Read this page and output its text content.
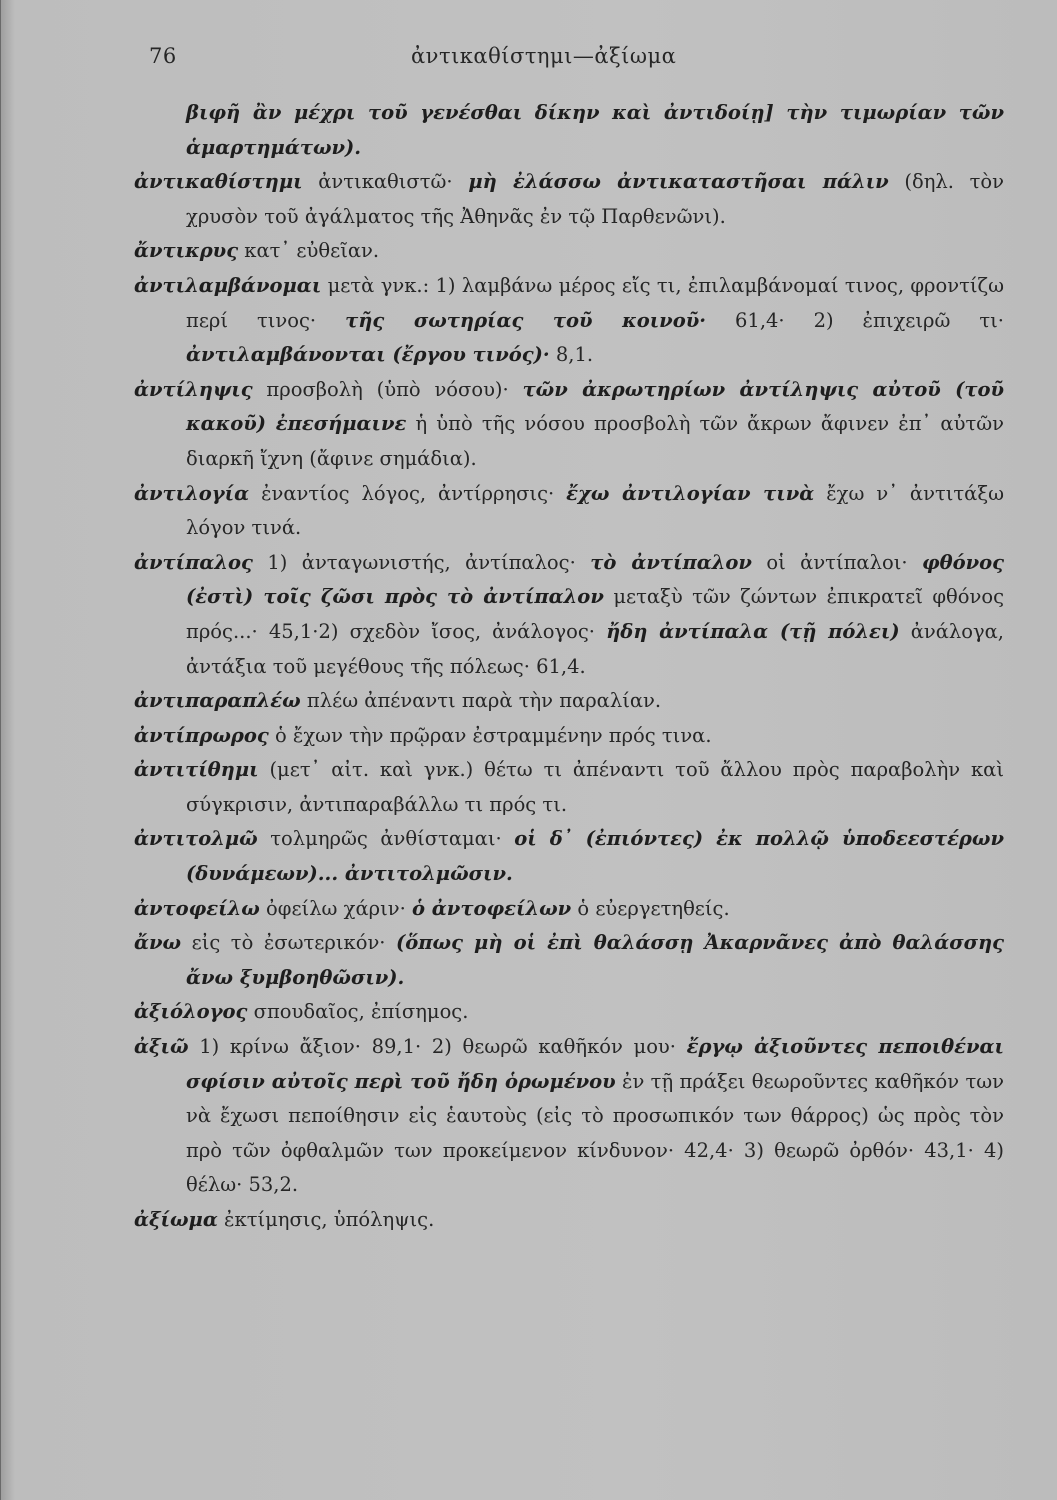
76	ἀντικαθίστημι—ἀξίωμα

βιφῆ ἂν μέχρι τοῦ γενέσθαι δίκην καὶ ἀντιδοίῃ] τὴν τιμωρίαν τῶν ἁμαρτημάτων).

ἀντικαθίστημι ἀντικαθιστῶ· μὴ ἐλάσσω ἀντικαταστῆσαι πάλιν (δηλ. τὸν χρυσὸν τοῦ ἀγάλματος τῆς Ἀθηνᾶς ἐν τῷ Παρθενῶνι).

ἄντικρυς κατ᾿ εὐθεῖαν.

ἀντιλαμβάνομαι μετὰ γνκ.: 1) λαμβάνω μέρος εἴς τι, ἐπιλαμβάνομαί τινος, φροντίζω περί τινος· τῆς σωτηρίας τοῦ κοινοῦ· 61,4· 2) ἐπιχειρῶ τι· ἀντιλαμβάνονται (ἔργου τινός)· 8,1.

ἀντίληψις προσβολὴ (ὑπὸ νόσου)· τῶν ἀκρωτηρίων ἀντίληψις αὐτοῦ (τοῦ κακοῦ) ἐπεσήμαινε ἡ ὑπὸ τῆς νόσου προσβολὴ τῶν ἄκρων ἄφινεν ἐπ᾿ αὐτῶν διαρκῆ ἴχνη (ἄφινε σημάδια).

ἀντιλογία ἐναντίος λόγος, ἀντίρρησις· ἔχω ἀντιλογίαν τινὰ ἔχω ν᾿ ἀντιτάξω λόγον τινά.

ἀντίπαλος 1) ἀνταγωνιστής, ἀντίπαλος· τὸ ἀντίπαλον οἱ ἀντίπαλοι· φθόνος (ἐστὶ) τοῖς ζῶσι πρὸς τὸ ἀντίπαλον μεταξὺ τῶν ζώντων ἐπικρατεῖ φθόνος πρός...· 45,1·2) σχεδὸν ἴσος, ἀνάλογος· ἤδη ἀντίπαλα (τῇ πόλει) ἀνάλογα, ἀντάξια τοῦ μεγέθους τῆς πόλεως· 61,4.

ἀντιπαραπλέω πλέω ἀπέναντι παρὰ τὴν παραλίαν.

ἀντίπρωρος ὁ ἔχων τὴν πρῷραν ἐστραμμένην πρός τινα.

ἀντιτίθημι (μετ᾿ αἰτ. καὶ γνκ.) θέτω τι ἀπέναντι τοῦ ἄλλου πρὸς παραβολὴν καὶ σύγκρισιν, ἀντιπαραβάλλω τι πρός τι.

ἀντιτολμῶ τολμηρῶς ἀνθίσταμαι· οἱ δ᾿ (ἐπιόντες) ἐκ πολλῷ ὑποδεεστέρων (δυνάμεων)... ἀντιτολμῶσιν.

ἀντοφείλω ὀφείλω χάριν· ὁ ἀντοφείλων ὁ εὐεργετηθείς.

ἄνω εἰς τὸ ἐσωτερικόν· (ὅπως μὴ οἱ ἐπὶ θαλάσσῃ Ἀκαρνᾶνες ἀπὸ θαλάσσης ἄνω ξυμβοηθῶσιν).

ἀξιόλογος σπουδαῖος, ἐπίσημος.

ἀξιῶ 1) κρίνω ἄξιον· 89,1· 2) θεωρῶ καθῆκόν μου· ἔργῳ ἀξιοῦντες πεποιθέναι σφίσιν αὐτοῖς περὶ τοῦ ἤδη ὁρωμένου ἐν τῇ πράξει θεωροῦντες καθῆκόν των νὰ ἔχωσι πεποίθησιν εἰς ἑαυτοὺς (εἰς τὸ προσωπικόν των θάρρος) ὡς πρὸς τὸν πρὸ τῶν ὀφθαλμῶν των προκείμενον κίνδυνον· 42,4· 3) θεωρῶ ὀρθόν· 43,1· 4) θέλω· 53,2.

ἀξίωμα ἐκτίμησις, ὑπόληψις.
